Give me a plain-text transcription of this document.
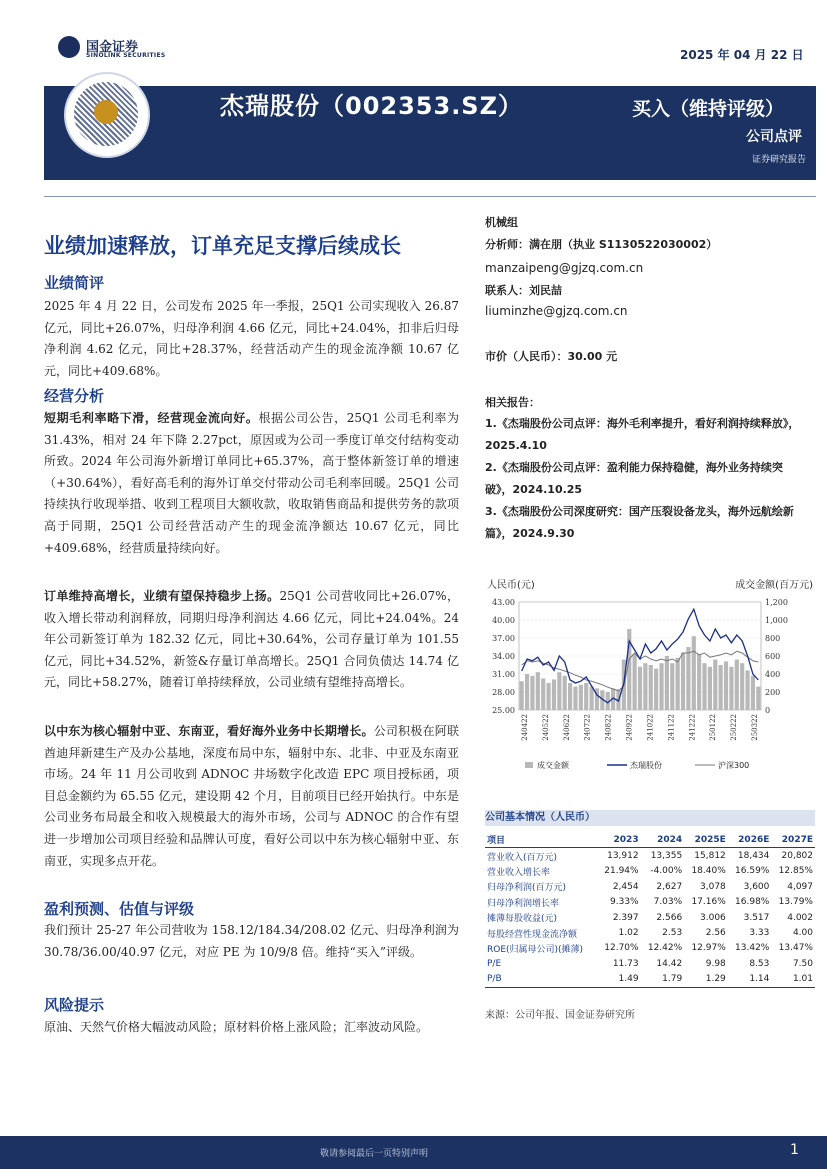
国金证券
SINOLINK SECURITIES	2025 年 04 月 22 日
杰瑞股份（002353.SZ）	买入（维持评级）
公司点评
证券研究报告
业绩加速释放，订单充足支撑后续成长
业绩简评
2025 年 4 月 22 日，公司发布 2025 年一季报，25Q1 公司实现收入 26.87 亿元，同比+26.07%，归母净利润 4.66 亿元，同比+24.04%，扣非后归母净利润 4.62 亿元，同比+28.37%，经营活动产生的现金流净额 10.67 亿元，同比+409.68%。
经营分析
短期毛利率略下滑，经营现金流向好。根据公司公告，25Q1 公司毛利率为 31.43%，相对 24 年下降 2.27pct，原因或为公司一季度订单交付结构变动所致。2024 年公司海外新增订单同比+65.37%，高于整体新签订单的增速（+30.64%），看好高毛利的海外订单交付带动公司毛利率回暖。25Q1 公司持续执行收现举措、收到工程项目大额收款，收取销售商品和提供劳务的款项高于同期，25Q1 公司经营活动产生的现金流净额达 10.67 亿元，同比+409.68%，经营质量持续向好。
订单维持高增长，业绩有望保持稳步上扬。25Q1 公司营收同比+26.07%，收入增长带动利润释放，同期归母净利润达 4.66 亿元，同比+24.04%。24 年公司新签订单为 182.32 亿元，同比+30.64%，公司存量订单为 101.55 亿元，同比+34.52%，新签&存量订单高增长。25Q1 合同负债达 14.74 亿元，同比+58.27%，随着订单持续释放，公司业绩有望维持高增长。
以中东为核心辐射中亚、东南亚，看好海外业务中长期增长。公司积极在阿联酋迪拜新建生产及办公基地，深度布局中东，辐射中东、北非、中亚及东南亚市场。24 年 11 月公司收到 ADNOC 井场数字化改造 EPC 项目授标函，项目总金额约为 65.55 亿元，建设期 42 个月，目前项目已经开始执行。中东是公司业务布局最全和收入规模最大的海外市场，公司与 ADNOC 的合作有望进一步增加公司项目经验和品牌认可度，看好公司以中东为核心辐射中亚、东南亚，实现多点开花。
盈利预测、估值与评级
我们预计 25-27 年公司营收为 158.12/184.34/208.02 亿元、归母净利润为 30.78/36.00/40.97 亿元，对应 PE 为 10/9/8 倍。维持“买入”评级。
风险提示
原油、天然气价格大幅波动风险；原材料价格上涨风险；汇率波动风险。
机械组
分析师：满在朋（执业 S1130522030002）
manzaipeng@gjzq.com.cn
联系人：刘民喆
liuminzhe@gjzq.com.cn
市价（人民币）：30.00 元
相关报告：
1.《杰瑞股份公司点评：海外毛利率提升，看好利润持续释放》，2025.4.10
2.《杰瑞股份公司点评：盈利能力保持稳健，海外业务持续突破》，2024.10.25
3.《杰瑞股份公司深度研究：国产压裂设备龙头，海外远航绘新篇》，2024.9.30
人民币(元)	成交金额(百万元)
43.00
40.00
37.00
34.00
31.00
28.00
25.00
1,200
1,000
800
600
400
200
0
240422 240522 240622 240722 240822 240922 241022 241122 241222 250122 250222 250322
成交金额	杰瑞股份	沪深300
公司基本情况（人民币）
项目	2023	2024	2025E	2026E	2027E
营业收入(百万元)	13,912	13,355	15,812	18,434	20,802
营业收入增长率	21.94%	-4.00%	18.40%	16.59%	12.85%
归母净利润(百万元)	2,454	2,627	3,078	3,600	4,097
归母净利润增长率	9.33%	7.03%	17.16%	16.98%	13.79%
摊薄每股收益(元)	2.397	2.566	3.006	3.517	4.002
每股经营性现金流净额	1.02	2.53	2.56	3.33	4.00
ROE(归属母公司)(摊薄)	12.70%	12.42%	12.97%	13.42%	13.47%
P/E	11.73	14.42	9.98	8.53	7.50
P/B	1.49	1.79	1.29	1.14	1.01
来源：公司年报、国金证券研究所
敬请参阅最后一页特别声明	1
